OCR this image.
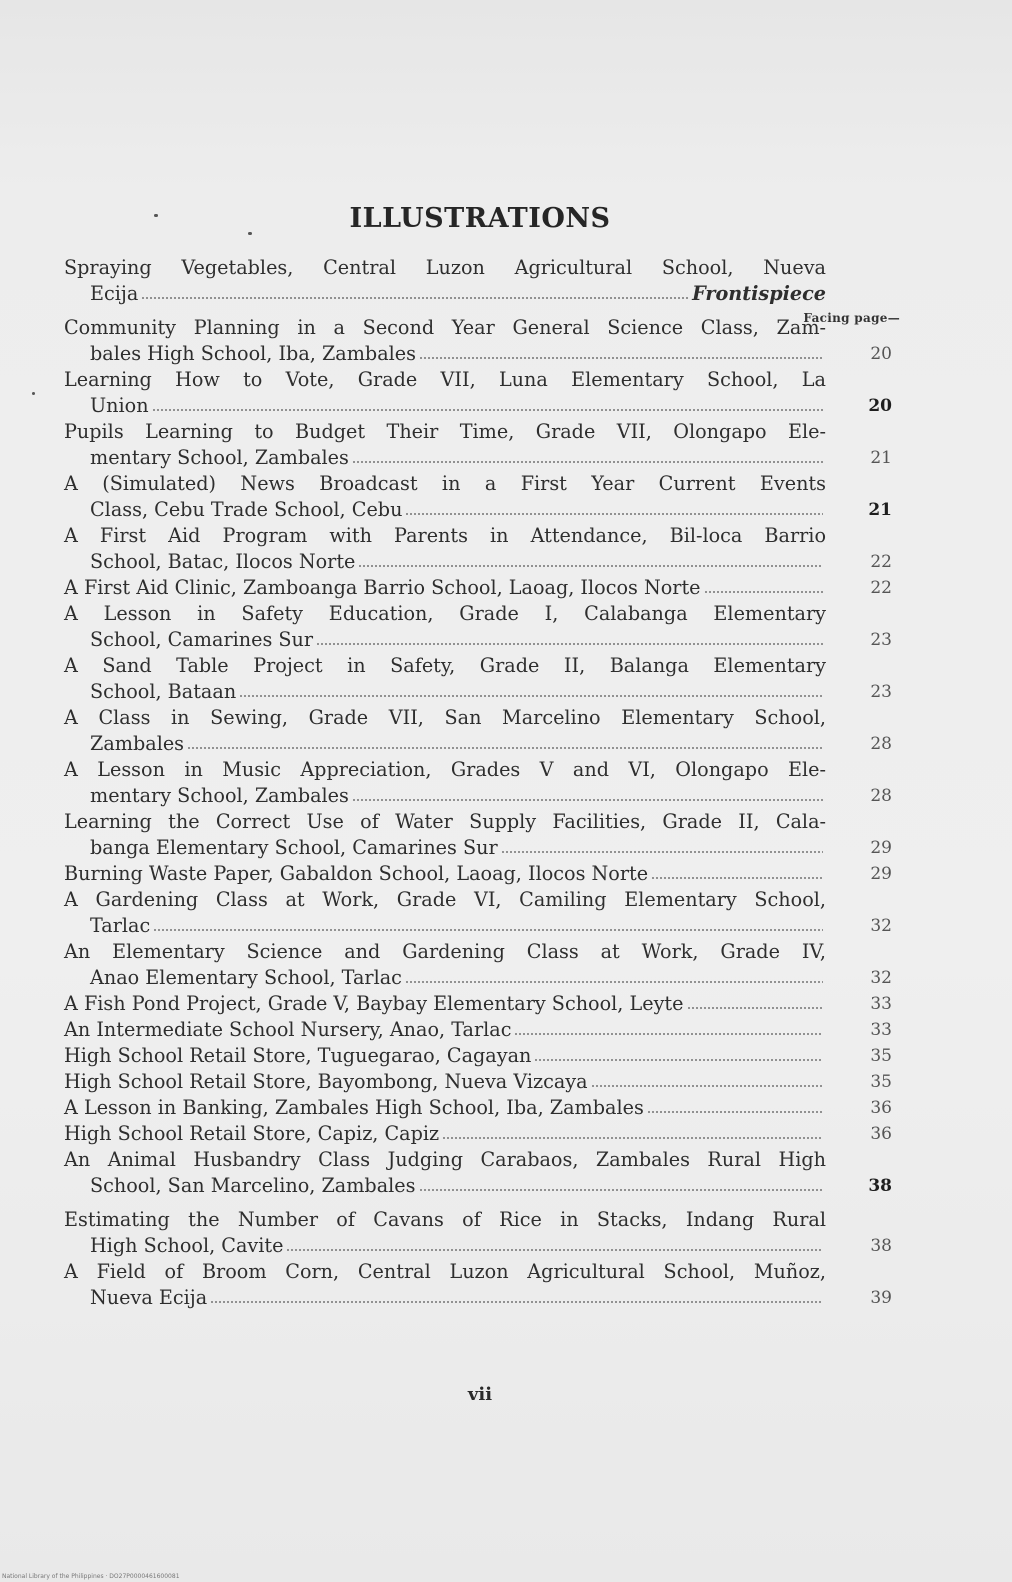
ILLUSTRATIONS
Facing page—
Spraying Vegetables, Central Luzon Agricultural School, Nueva
Ecija	Frontispiece
Community Planning in a Second Year General Science Class, Zam-
bales High School, Iba, Zambales	20
Learning How to Vote, Grade VII, Luna Elementary School, La
Union	20
Pupils Learning to Budget Their Time, Grade VII, Olongapo Ele-
mentary School, Zambales	21
A (Simulated) News Broadcast in a First Year Current Events
Class, Cebu Trade School, Cebu	21
A First Aid Program with Parents in Attendance, Bil-loca Barrio
School, Batac, Ilocos Norte	22
A First Aid Clinic, Zamboanga Barrio School, Laoag, Ilocos Norte	22
A Lesson in Safety Education, Grade I, Calabanga Elementary
School, Camarines Sur	23
A Sand Table Project in Safety, Grade II, Balanga Elementary
School, Bataan	23
A Class in Sewing, Grade VII, San Marcelino Elementary School,
Zambales	28
A Lesson in Music Appreciation, Grades V and VI, Olongapo Ele-
mentary School, Zambales	28
Learning the Correct Use of Water Supply Facilities, Grade II, Cala-
banga Elementary School, Camarines Sur	29
Burning Waste Paper, Gabaldon School, Laoag, Ilocos Norte	29
A Gardening Class at Work, Grade VI, Camiling Elementary School,
Tarlac	32
An Elementary Science and Gardening Class at Work, Grade IV,
Anao Elementary School, Tarlac	32
A Fish Pond Project, Grade V, Baybay Elementary School, Leyte	33
An Intermediate School Nursery, Anao, Tarlac	33
High School Retail Store, Tuguegarao, Cagayan	35
High School Retail Store, Bayombong, Nueva Vizcaya	35
A Lesson in Banking, Zambales High School, Iba, Zambales	36
High School Retail Store, Capiz, Capiz	36
An Animal Husbandry Class Judging Carabaos, Zambales Rural High
School, San Marcelino, Zambales	38
Estimating the Number of Cavans of Rice in Stacks, Indang Rural
High School, Cavite	38
A Field of Broom Corn, Central Luzon Agricultural School, Muñoz,
Nueva Ecija	39
vii
National Library of the Philippines · DO27P0000461600081
